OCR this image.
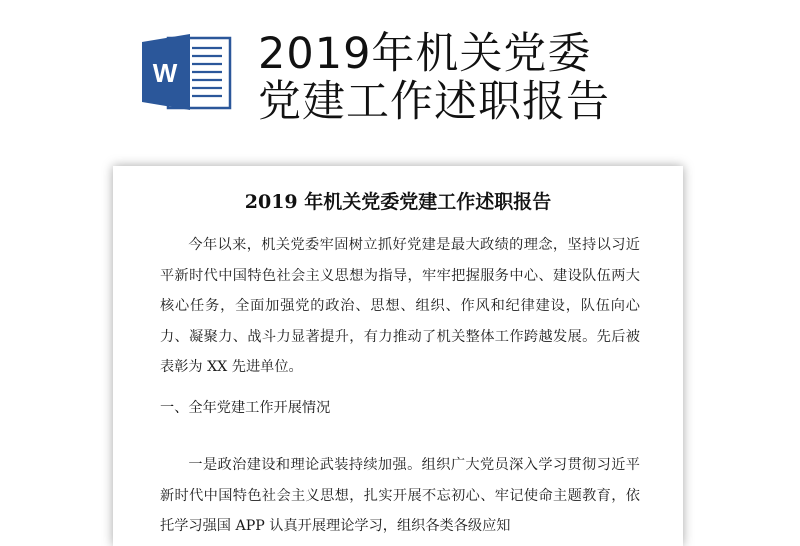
W 2019年机关党委
党建工作述职报告
2019 年机关党委党建工作述职报告

今年以来，机关党委牢固树立抓好党建是最大政绩的理念，坚持以习近平新时代中国特色社会主义思想为指导，牢牢把握服务中心、建设队伍两大核心任务，全面加强党的政治、思想、组织、作风和纪律建设，队伍向心力、凝聚力、战斗力显著提升，有力推动了机关整体工作跨越发展。先后被表彰为 XX 先进单位。

一、全年党建工作开展情况

一是政治建设和理论武装持续加强。组织广大党员深入学习贯彻习近平新时代中国特色社会主义思想，扎实开展不忘初心、牢记使命主题教育，依托学习强国 APP 认真开展理论学习，组织各类各级应知
